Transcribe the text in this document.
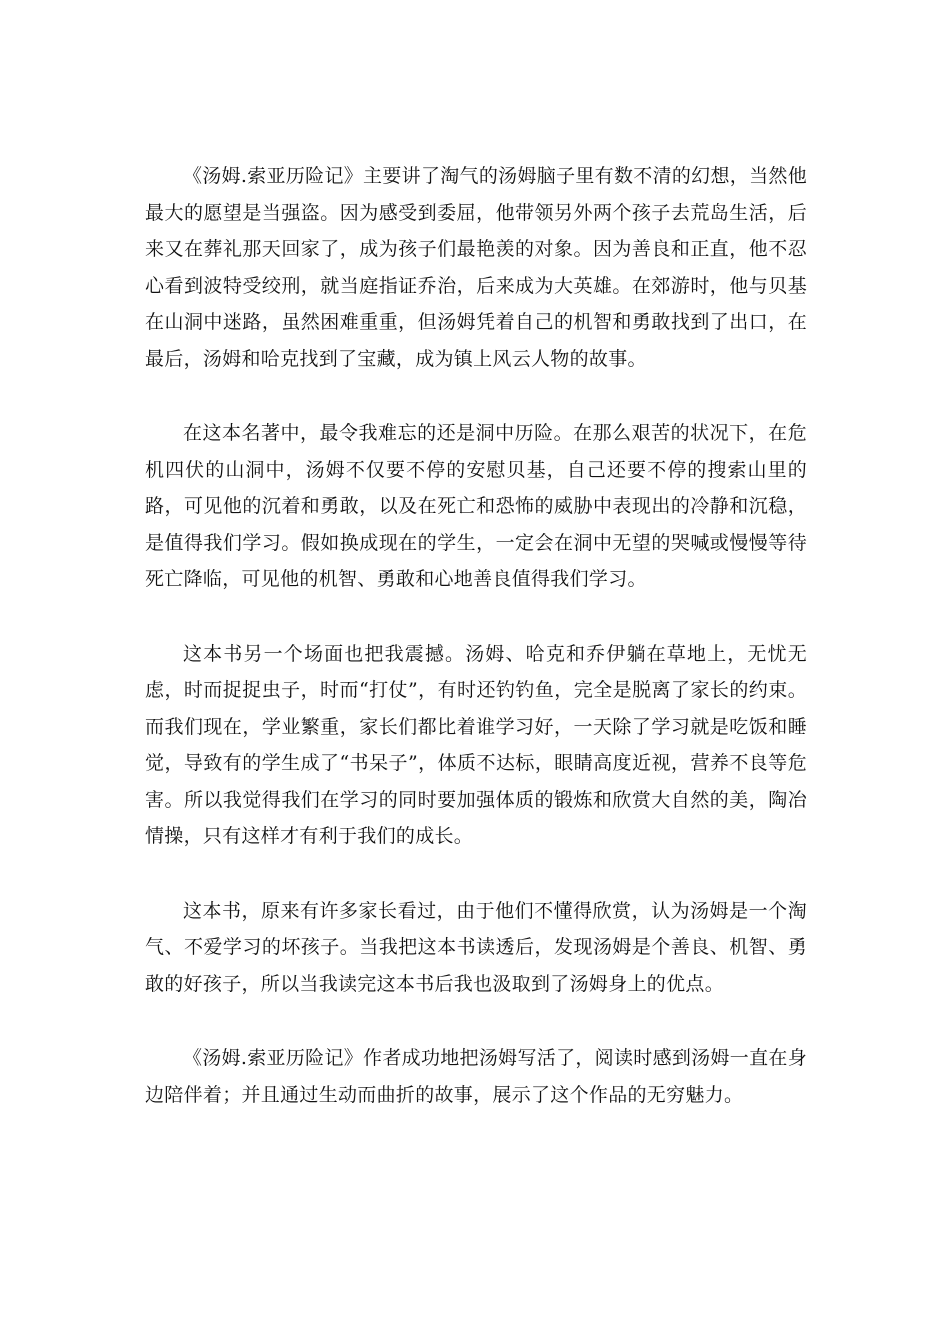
《汤姆.索亚历险记》主要讲了淘气的汤姆脑子里有数不清的幻想，当然他最大的愿望是当强盗。因为感受到委屈，他带领另外两个孩子去荒岛生活，后来又在葬礼那天回家了，成为孩子们最艳羡的对象。因为善良和正直，他不忍心看到波特受绞刑，就当庭指证乔治，后来成为大英雄。在郊游时，他与贝基在山洞中迷路，虽然困难重重，但汤姆凭着自己的机智和勇敢找到了出口，在最后，汤姆和哈克找到了宝藏，成为镇上风云人物的故事。

在这本名著中，最令我难忘的还是洞中历险。在那么艰苦的状况下，在危机四伏的山洞中，汤姆不仅要不停的安慰贝基，自己还要不停的搜索山里的路，可见他的沉着和勇敢，以及在死亡和恐怖的威胁中表现出的冷静和沉稳，是值得我们学习。假如换成现在的学生，一定会在洞中无望的哭喊或慢慢等待死亡降临，可见他的机智、勇敢和心地善良值得我们学习。

这本书另一个场面也把我震撼。汤姆、哈克和乔伊躺在草地上，无忧无虑，时而捉捉虫子，时而“打仗”，有时还钓钓鱼，完全是脱离了家长的约束。而我们现在，学业繁重，家长们都比着谁学习好，一天除了学习就是吃饭和睡觉，导致有的学生成了“书呆子”，体质不达标，眼睛高度近视，营养不良等危害。所以我觉得我们在学习的同时要加强体质的锻炼和欣赏大自然的美，陶冶情操，只有这样才有利于我们的成长。

这本书，原来有许多家长看过，由于他们不懂得欣赏，认为汤姆是一个淘气、不爱学习的坏孩子。当我把这本书读透后，发现汤姆是个善良、机智、勇敢的好孩子，所以当我读完这本书后我也汲取到了汤姆身上的优点。

《汤姆.索亚历险记》作者成功地把汤姆写活了，阅读时感到汤姆一直在身边陪伴着；并且通过生动而曲折的故事，展示了这个作品的无穷魅力。
